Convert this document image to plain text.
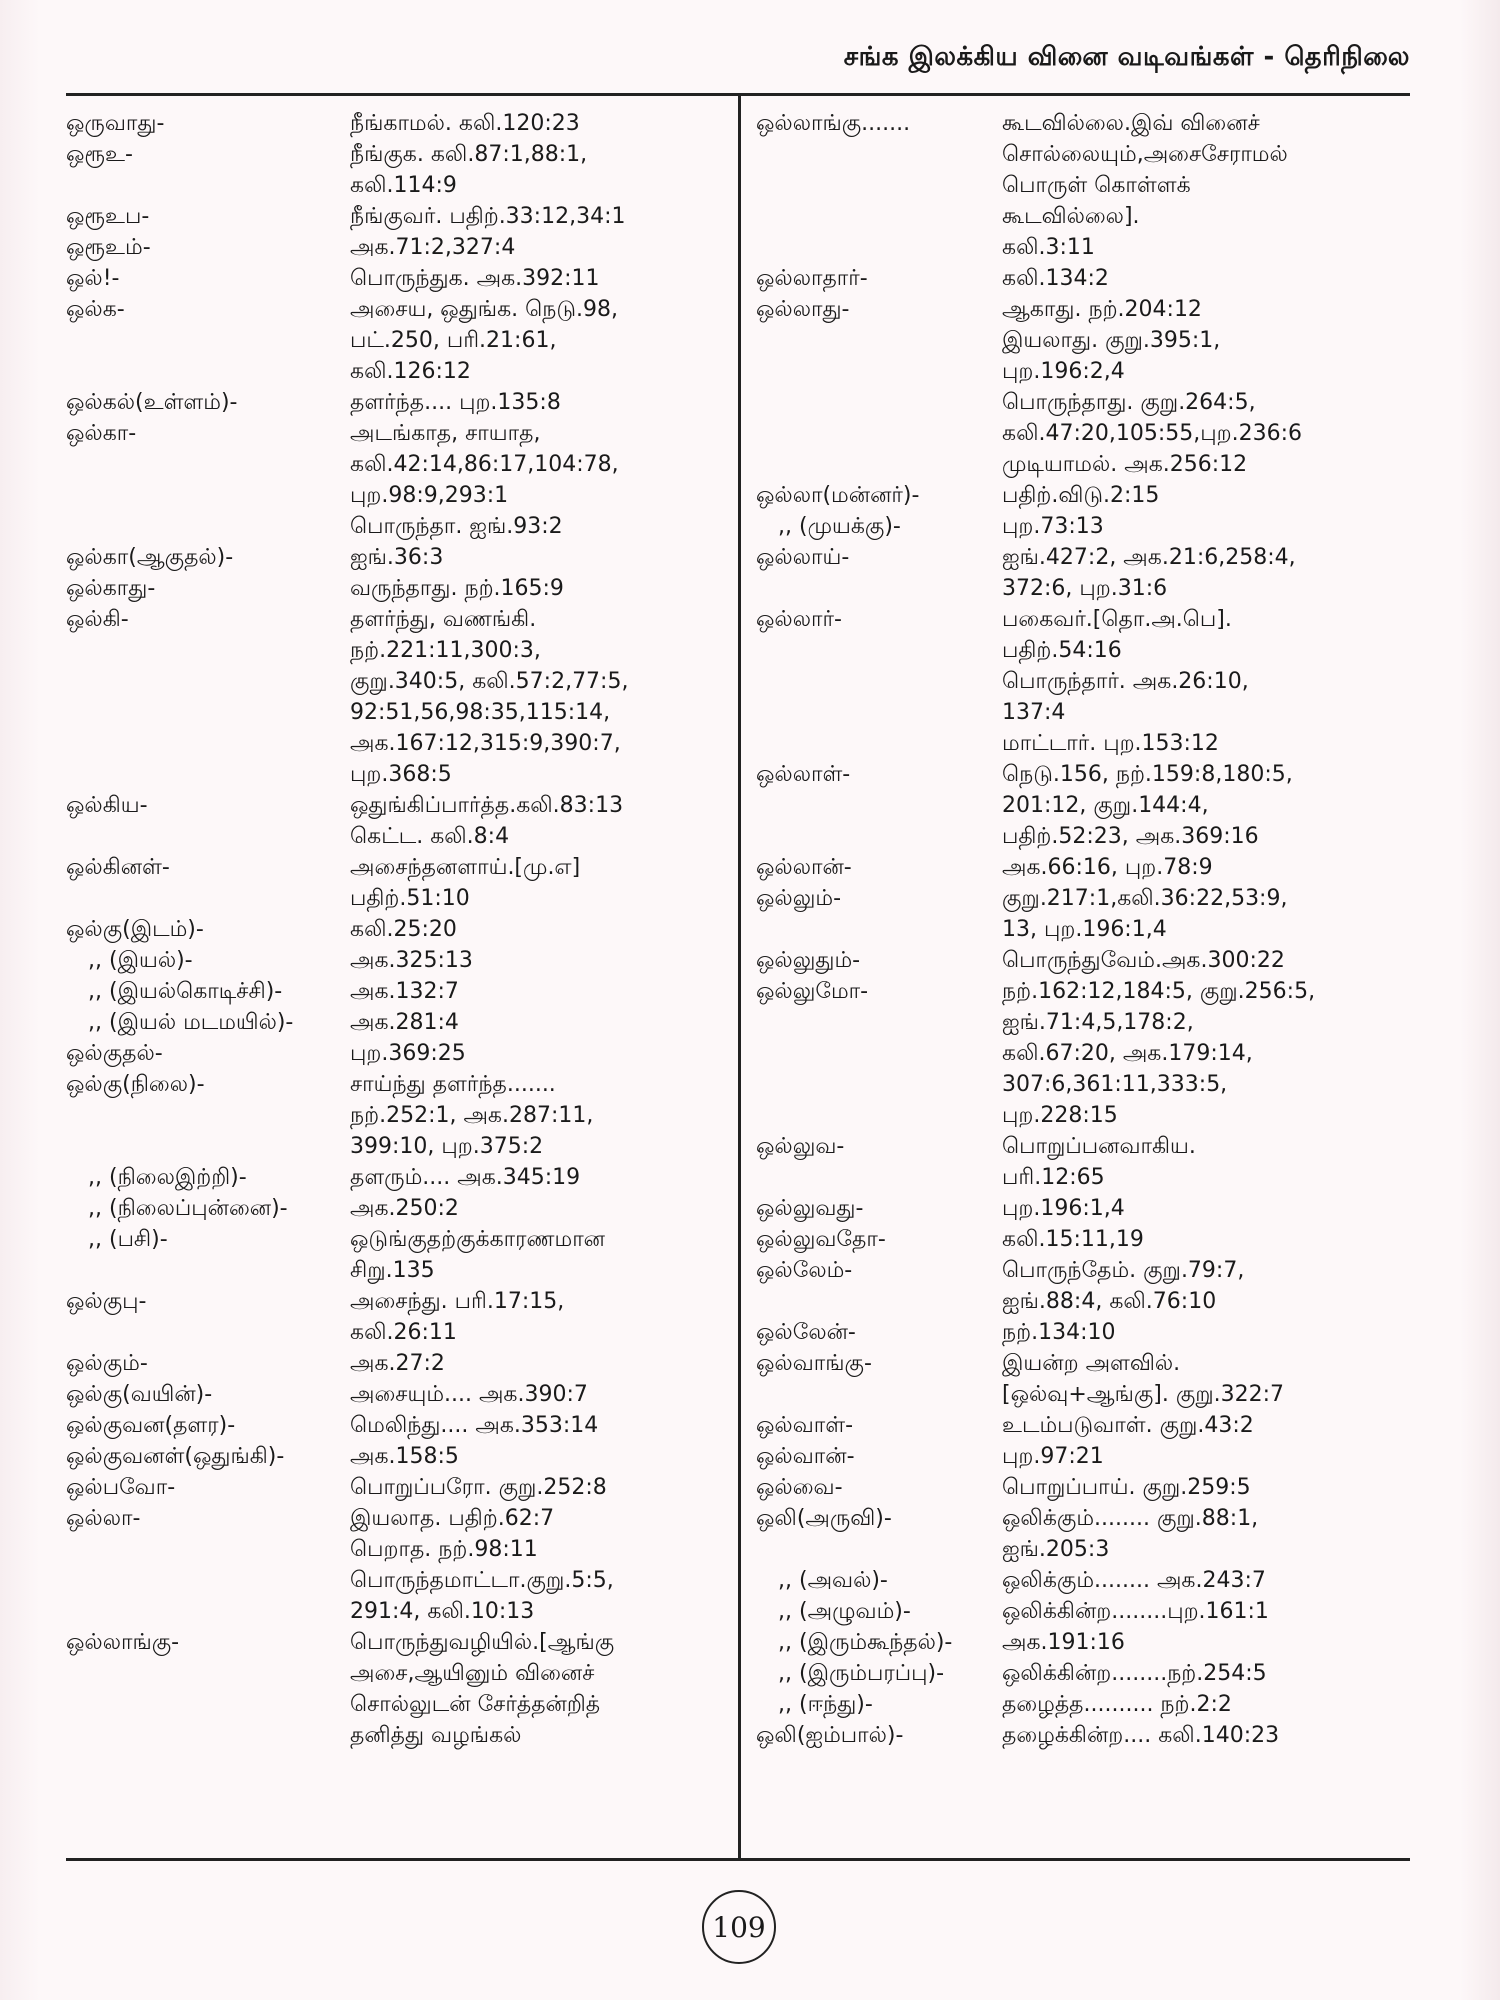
சங்க இலக்கிய வினை வடிவங்கள் - தெரிநிலை
ஒருவாது-	நீங்காமல். கலி.120:23
ஒரூஉ-	நீங்குக. கலி.87:1,88:1,
கலி.114:9
ஒரூஉப-	நீங்குவர். பதிற்.33:12,34:1
ஒரூஉம்-	அக.71:2,327:4
ஒல்!-	பொருந்துக. அக.392:11
ஒல்க-	அசைய, ஒதுங்க. நெடு.98,
பட்.250, பரி.21:61,
கலி.126:12
ஒல்கல்(உள்ளம்)-	தளர்ந்த.... புற.135:8
ஒல்கா-	அடங்காத, சாயாத,
கலி.42:14,86:17,104:78,
புற.98:9,293:1
பொருந்தா. ஐங்.93:2
ஒல்கா(ஆகுதல்)-	ஐங்.36:3
ஒல்காது-	வருந்தாது. நற்.165:9
ஒல்கி-	தளர்ந்து, வணங்கி.
நற்.221:11,300:3,
குறு.340:5, கலி.57:2,77:5,
92:51,56,98:35,115:14,
அக.167:12,315:9,390:7,
புற.368:5
ஒல்கிய-	ஒதுங்கிப்பார்த்த.கலி.83:13
கெட்ட. கலி.8:4
ஒல்கினள்-	அசைந்தனளாய்.[மு.எ]
பதிற்.51:10
ஒல்கு(இடம்)-	கலி.25:20
,, (இயல்)-	அக.325:13
,, (இயல்கொடிச்சி)-	அக.132:7
,, (இயல் மடமயில்)-	அக.281:4
ஒல்குதல்-	புற.369:25
ஒல்கு(நிலை)-	சாய்ந்து தளர்ந்த.......
நற்.252:1, அக.287:11,
399:10, புற.375:2
,, (நிலைஇற்றி)-	தளரும்.... அக.345:19
,, (நிலைப்புன்னை)-	அக.250:2
,, (பசி)-	ஒடுங்குதற்குக்காரணமான
சிறு.135
ஒல்குபு-	அசைந்து. பரி.17:15,
கலி.26:11
ஒல்கும்-	அக.27:2
ஒல்கு(வயின்)-	அசையும்.... அக.390:7
ஒல்குவன(தளர)-	மெலிந்து.... அக.353:14
ஒல்குவனள்(ஒதுங்கி)-	அக.158:5
ஒல்பவோ-	பொறுப்பரோ. குறு.252:8
ஒல்லா-	இயலாத. பதிற்.62:7
பெறாத. நற்.98:11
பொருந்தமாட்டா.குறு.5:5,
291:4, கலி.10:13
ஒல்லாங்கு-	பொருந்துவழியில்.[ஆங்கு
அசை,ஆயினும் வினைச்
சொல்லுடன் சேர்த்தன்றித்
தனித்து வழங்கல்
ஒல்லாங்கு.......	கூடவில்லை.இவ் வினைச்
சொல்லையும்,அசைசேராமல்
பொருள் கொள்ளக்
கூடவில்லை].
கலி.3:11
ஒல்லாதார்-	கலி.134:2
ஒல்லாது-	ஆகாது. நற்.204:12
இயலாது. குறு.395:1,
புற.196:2,4
பொருந்தாது. குறு.264:5,
கலி.47:20,105:55,புற.236:6
முடியாமல். அக.256:12
ஒல்லா(மன்னர்)-	பதிற்.விடு.2:15
,, (முயக்கு)-	புற.73:13
ஒல்லாய்-	ஐங்.427:2, அக.21:6,258:4,
372:6, புற.31:6
ஒல்லார்-	பகைவர்.[தொ.அ.பெ].
பதிற்.54:16
பொருந்தார். அக.26:10,
137:4
மாட்டார். புற.153:12
ஒல்லாள்-	நெடு.156, நற்.159:8,180:5,
201:12, குறு.144:4,
பதிற்.52:23, அக.369:16
ஒல்லான்-	அக.66:16, புற.78:9
ஒல்லும்-	குறு.217:1,கலி.36:22,53:9,
13, புற.196:1,4
ஒல்லுதும்-	பொருந்துவேம்.அக.300:22
ஒல்லுமோ-	நற்.162:12,184:5, குறு.256:5,
ஐங்.71:4,5,178:2,
கலி.67:20, அக.179:14,
307:6,361:11,333:5,
புற.228:15
ஒல்லுவ-	பொறுப்பனவாகிய.
பரி.12:65
ஒல்லுவது-	புற.196:1,4
ஒல்லுவதோ-	கலி.15:11,19
ஒல்லேம்-	பொருந்தேம். குறு.79:7,
ஐங்.88:4, கலி.76:10
ஒல்லேன்-	நற்.134:10
ஒல்வாங்கு-	இயன்ற அளவில்.
[ஒல்வு+ஆங்கு]. குறு.322:7
ஒல்வாள்-	உடம்படுவாள். குறு.43:2
ஒல்வான்-	புற.97:21
ஒல்வை-	பொறுப்பாய். குறு.259:5
ஒலி(அருவி)-	ஒலிக்கும்........ குறு.88:1,
ஐங்.205:3
,, (அவல்)-	ஒலிக்கும்........ அக.243:7
,, (அழுவம்)-	ஒலிக்கின்ற........புற.161:1
,, (இரும்கூந்தல்)-	அக.191:16
,, (இரும்பரப்பு)-	ஒலிக்கின்ற........நற்.254:5
,, (ஈந்து)-	தழைத்த.......... நற்.2:2
ஒலி(ஐம்பால்)-	தழைக்கின்ற.... கலி.140:23
109
